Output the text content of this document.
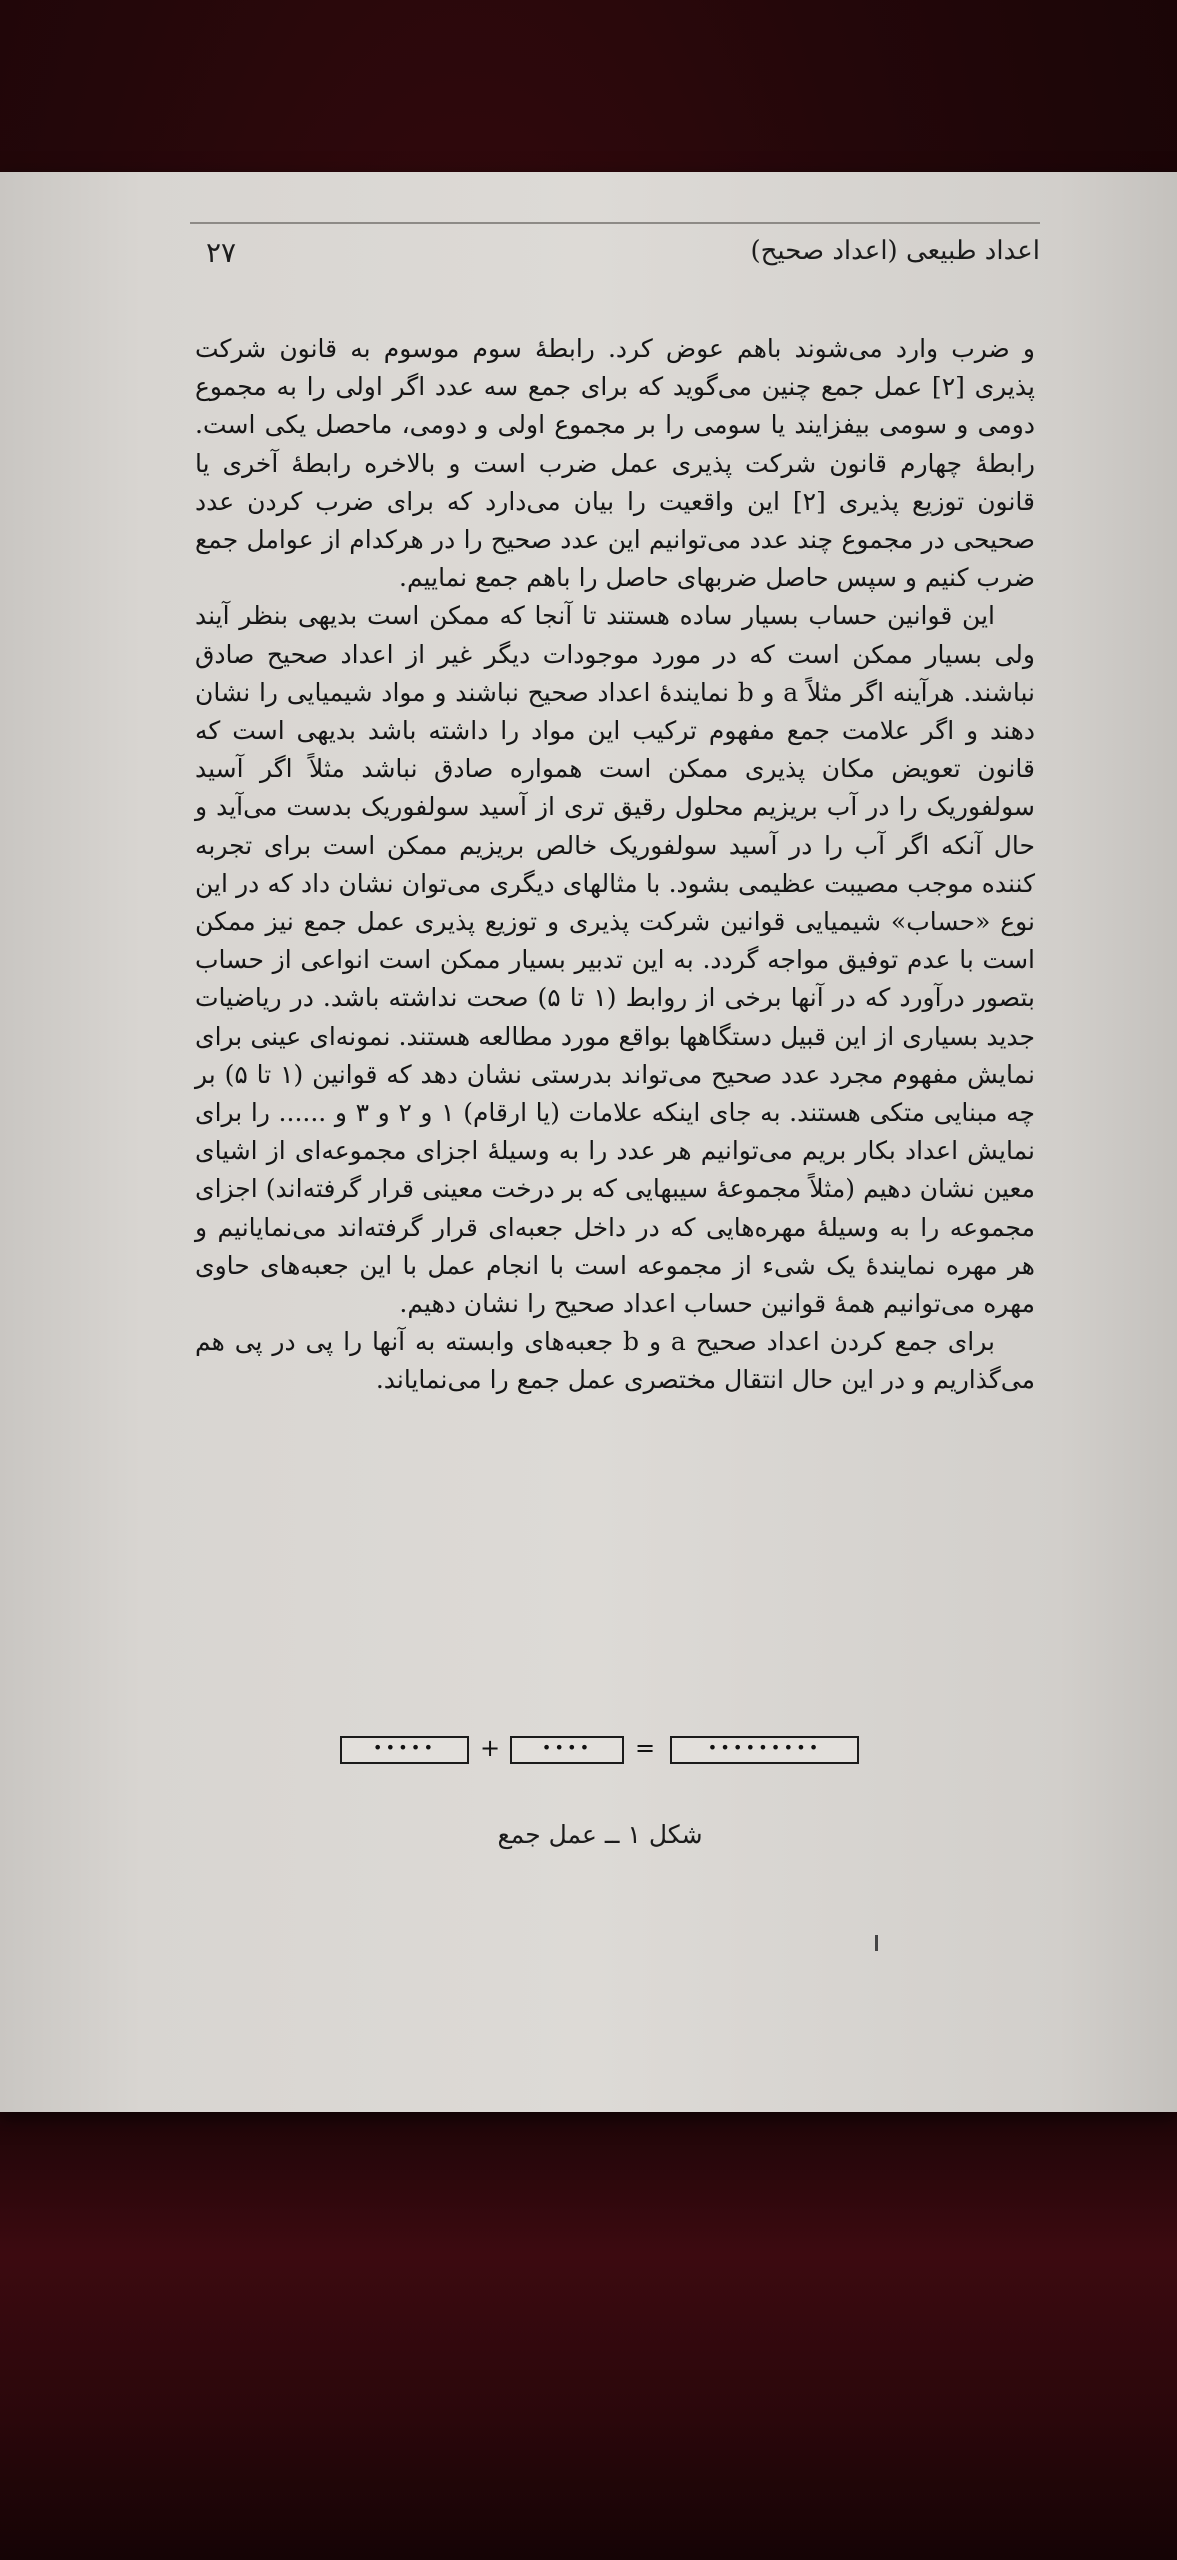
اعداد طبیعی (اعداد صحیح)
۲۷

و ضرب وارد می‌شوند باهم عوض کرد. رابطهٔ سوم موسوم به قانون شرکت پذیری [۲] عمل جمع چنین می‌گوید که برای جمع سه عدد اگر اولی را به مجموع دومی و سومی بیفزایند یا سومی را بر مجموع اولی و دومی، ماحصل یکی است. رابطهٔ چهارم قانون شرکت پذیری عمل ضرب است و بالاخره رابطهٔ آخری یا قانون توزیع پذیری [۲] این واقعیت را بیان می‌دارد که برای ضرب کردن عدد صحیحی در مجموع چند عدد می‌توانیم این عدد صحیح را در هرکدام از عوامل جمع ضرب کنیم و سپس حاصل ضربهای حاصل را باهم جمع نماییم.

این قوانین حساب بسیار ساده هستند تا آنجا که ممکن است بدیهی بنظر آیند ولی بسیار ممکن است که در مورد موجودات دیگر غیر از اعداد صحیح صادق نباشند. هرآینه اگر مثلاً a و b نمایندهٔ اعداد صحیح نباشند و مواد شیمیایی را نشان دهند و اگر علامت جمع مفهوم ترکیب این مواد را داشته باشد بدیهی است که قانون تعویض مکان پذیری ممکن است همواره صادق نباشد مثلاً اگر آسید سولفوریک را در آب بریزیم محلول رقیق تری از آسید سولفوریک بدست می‌آید و حال آنکه اگر آب را در آسید سولفوریک خالص بریزیم ممکن است برای تجربه کننده موجب مصیبت عظیمی بشود. با مثالهای دیگری می‌توان نشان داد که در این نوع «حساب» شیمیایی قوانین شرکت پذیری و توزیع پذیری عمل جمع نیز ممکن است با عدم توفیق مواجه گردد. به این تدبیر بسیار ممکن است انواعی از حساب بتصور درآورد که در آنها برخی از روابط (۱ تا ۵) صحت نداشته باشد. در ریاضیات جدید بسیاری از این قبیل دستگاهها بواقع مورد مطالعه هستند. نمونه‌ای عینی برای نمایش مفهوم مجرد عدد صحیح می‌تواند بدرستی نشان دهد که قوانین (۱ تا ۵) بر چه مبنایی متکی هستند. به جای اینکه علامات (یا ارقام) ۱ و ۲ و ۳ و ...... را برای نمایش اعداد بکار بریم می‌توانیم هر عدد را به وسیلهٔ اجزای مجموعه‌ای از اشیای معین نشان دهیم (مثلاً مجموعهٔ سیبهایی که بر درخت معینی قرار گرفته‌اند) اجزای مجموعه را به وسیلهٔ مهره‌هایی که در داخل جعبه‌ای قرار گرفته‌اند می‌نمایانیم و هر مهره نمایندهٔ یک شیء از مجموعه است با انجام عمل با این جعبه‌های حاوی مهره می‌توانیم همهٔ قوانین حساب اعداد صحیح را نشان دهیم.

برای جمع کردن اعداد صحیح a و b جعبه‌های وابسته به آنها را پی در پی هم می‌گذاریم و در این حال انتقال مختصری عمل جمع را می‌نمایاند.

•••••	+	••••	=	•••••••••
شکل ۱ ــ عمل جمع
